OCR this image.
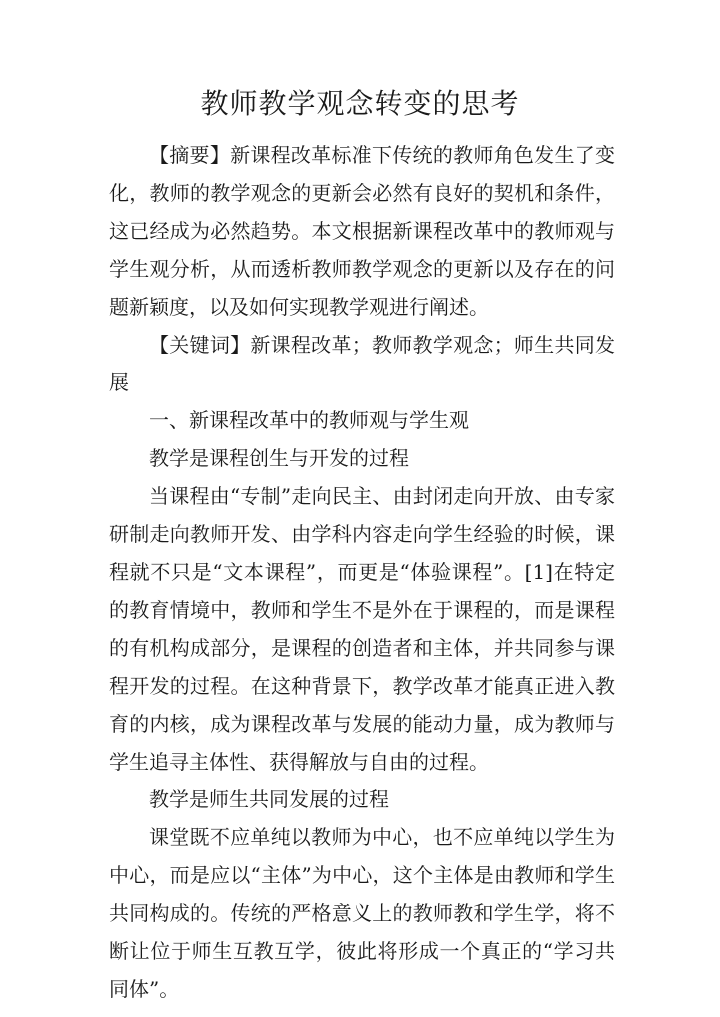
教师教学观念转变的思考

【摘要】新课程改革标准下传统的教师角色发生了变化，教师的教学观念的更新会必然有良好的契机和条件，这已经成为必然趋势。本文根据新课程改革中的教师观与学生观分析，从而透析教师教学观念的更新以及存在的问题新颖度，以及如何实现教学观进行阐述。

【关键词】新课程改革；教师教学观念；师生共同发展

一、新课程改革中的教师观与学生观

教学是课程创生与开发的过程

当课程由“专制”走向民主、由封闭走向开放、由专家研制走向教师开发、由学科内容走向学生经验的时候，课程就不只是“文本课程”，而更是“体验课程”。[1]在特定的教育情境中，教师和学生不是外在于课程的，而是课程的有机构成部分，是课程的创造者和主体，并共同参与课程开发的过程。在这种背景下，教学改革才能真正进入教育的内核，成为课程改革与发展的能动力量，成为教师与学生追寻主体性、获得解放与自由的过程。

教学是师生共同发展的过程

课堂既不应单纯以教师为中心，也不应单纯以学生为中心，而是应以“主体”为中心，这个主体是由教师和学生共同构成的。传统的严格意义上的教师教和学生学，将不断让位于师生互教互学，彼此将形成一个真正的“学习共同体”。
